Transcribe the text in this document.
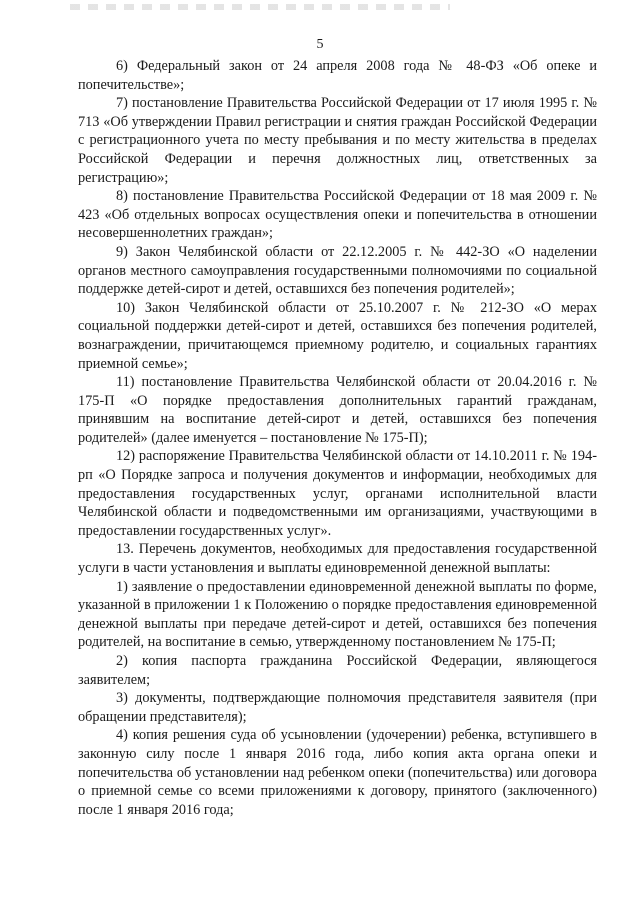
5

6) Федеральный закон от 24 апреля 2008 года № 48-ФЗ «Об опеке и попечительстве»;

7) постановление Правительства Российской Федерации от 17 июля 1995 г. № 713 «Об утверждении Правил регистрации и снятия граждан Российской Федерации с регистрационного учета по месту пребывания и по месту жительства в пределах Российской Федерации и перечня должностных лиц, ответственных за регистрацию»;

8) постановление Правительства Российской Федерации от 18 мая 2009 г. № 423 «Об отдельных вопросах осуществления опеки и попечительства в отношении несовершеннолетних граждан»;

9) Закон Челябинской области от 22.12.2005 г. № 442-ЗО «О наделении органов местного самоуправления государственными полномочиями по социальной поддержке детей-сирот и детей, оставшихся без попечения родителей»;

10) Закон Челябинской области от 25.10.2007 г. № 212-ЗО «О мерах социальной поддержки детей-сирот и детей, оставшихся без попечения родителей, вознаграждении, причитающемся приемному родителю, и социальных гарантиях приемной семье»;

11) постановление Правительства Челябинской области от 20.04.2016 г. № 175-П «О порядке предоставления дополнительных гарантий гражданам, принявшим на воспитание детей-сирот и детей, оставшихся без попечения родителей» (далее именуется – постановление № 175-П);

12) распоряжение Правительства Челябинской области от 14.10.2011 г. № 194-рп «О Порядке запроса и получения документов и информации, необходимых для предоставления государственных услуг, органами исполнительной власти Челябинской области и подведомственными им организациями, участвующими в предоставлении государственных услуг».

13. Перечень документов, необходимых для предоставления государственной услуги в части установления и выплаты единовременной денежной выплаты:

1) заявление о предоставлении единовременной денежной выплаты по форме, указанной в приложении 1 к Положению о порядке предоставления единовременной денежной выплаты при передаче детей-сирот и детей, оставшихся без попечения родителей, на воспитание в семью, утвержденному постановлением № 175-П;

2) копия паспорта гражданина Российской Федерации, являющегося заявителем;

3) документы, подтверждающие полномочия представителя заявителя (при обращении представителя);

4) копия решения суда об усыновлении (удочерении) ребенка, вступившего в законную силу после 1 января 2016 года, либо копия акта органа опеки и попечительства об установлении над ребенком опеки (попечительства) или договора о приемной семье со всеми приложениями к договору, принятого (заключенного) после 1 января 2016 года;
